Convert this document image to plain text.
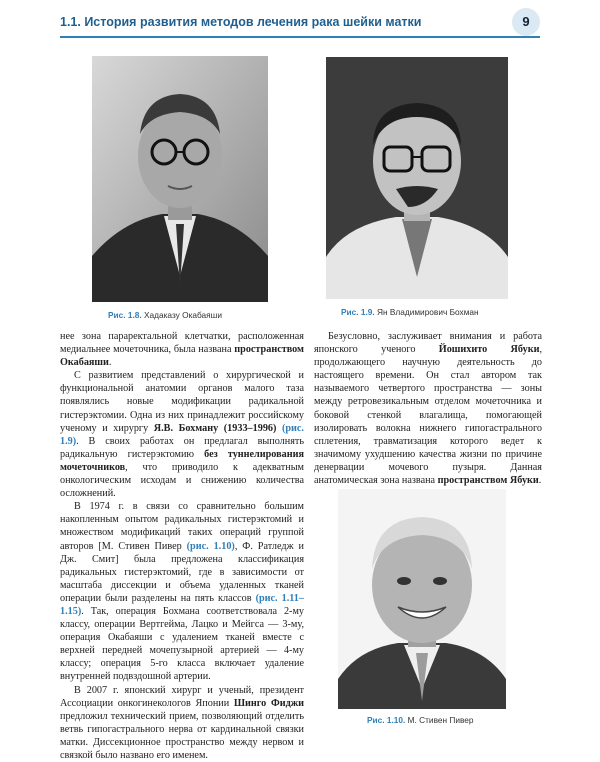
1.1. История развития методов лечения рака шейки матки	9
Рис. 1.8. Хадаказу Окабаяши	Рис. 1.9. Ян Владимирович Бохман

нее зона параректальной клетчатки, расположенная медиальнее мочеточника, была названа пространством Окабаяши.

С развитием представлений о хирургической и функциональной анатомии органов малого таза появлялись новые модификации радикальной гистерэктомии. Одна из них принадлежит российскому ученому и хирургу Я.В. Бохману (1933–1996) (рис. 1.9). В своих работах он предлагал выполнять радикальную гистерэктомию без туннелирования мочеточников, что приводило к адекватным онкологическим исходам и снижению количества осложнений.

В 1974 г. в связи со сравнительно большим накопленным опытом радикальных гистерэктомий и множеством модификаций таких операций группой авторов [М. Стивен Пивер (рис. 1.10), Ф. Ратледж и Дж. Смит] была предложена классификация радикальных гистерэктомий, где в зависимости от масштаба диссекции и объема удаленных тканей операции были разделены на пять классов (рис. 1.11–1.15). Так, операция Бохмана соответствовала 2-му классу, операции Вертгейма, Лацко и Мейгса — 3-му, операция Окабаяши с удалением тканей вместе с верхней передней мочепузырной артерией — 4-му классу; операция 5-го класса включает удаление внутренней подвздошной артерии.

В 2007 г. японский хирург и ученый, президент Ассоциации онкогинекологов Японии Шинго Фиджи предложил технический прием, позволяющий отделить ветвь гипогастрального нерва от кардинальной связки матки. Диссекционное пространство между нервом и связкой было названо его именем.

Безусловно, заслуживает внимания и работа японского ученого Йошихито Ябуки, продолжающего научную деятельность до настоящего времени. Он стал автором так называемого четвертого пространства — зоны между ретровезикальным отделом мочеточника и боковой стенкой влагалища, помогающей изолировать волокна нижнего гипогастрального сплетения, травматизация которого ведет к значимому ухудшению качества жизни по причине денервации мочевого пузыря. Данная анатомическая зона названа пространством Ябуки.

Рис. 1.10. М. Стивен Пивер
